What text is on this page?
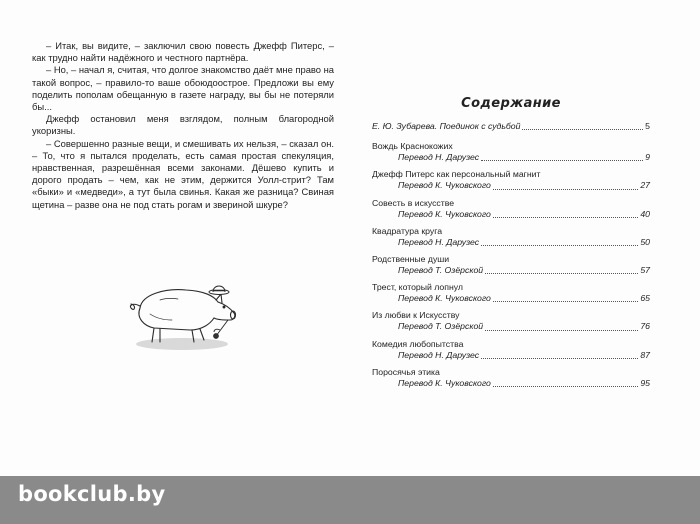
– Итак, вы видите, – заключил свою повесть Джефф Питерс, – как трудно найти надёжного и честного партнёра.

– Но, – начал я, считая, что долгое знакомство даёт мне право на такой вопрос, – правило-то ваше обоюдоострое. Предложи вы ему поделить пополам обещанную в газете награду, вы бы не потеряли бы...

Джефф остановил меня взглядом, полным благородной укоризны.

– Совершенно разные вещи, и смешивать их нельзя, – сказал он. – То, что я пытался проделать, есть самая простая спекуляция, нравственная, разрешённая всеми законами. Дёшево купить и дорого продать – чем, как не этим, держится Уолл-стрит? Там «быки» и «медведи», а тут была свинья. Какая же разница? Свиная щетина – разве она не под стать рогам и звериной шкуре?

Содержание
Е. Ю. Зубарева. Поединок с судьбой	5
Вождь Краснокожих
Перевод Н. Дарузес	9
Джефф Питерс как персональный магнит
Перевод К. Чуковского	27
Совесть в искусстве
Перевод К. Чуковского	40
Квадратура круга
Перевод Н. Дарузес	50
Родственные души
Перевод Т. Озёрской	57
Трест, который лопнул
Перевод К. Чуковского	65
Из любви к Искусству
Перевод Т. Озёрской	76
Комедия любопытства
Перевод Н. Дарузес	87
Поросячья этика
Перевод К. Чуковского	95
bookclub.by
